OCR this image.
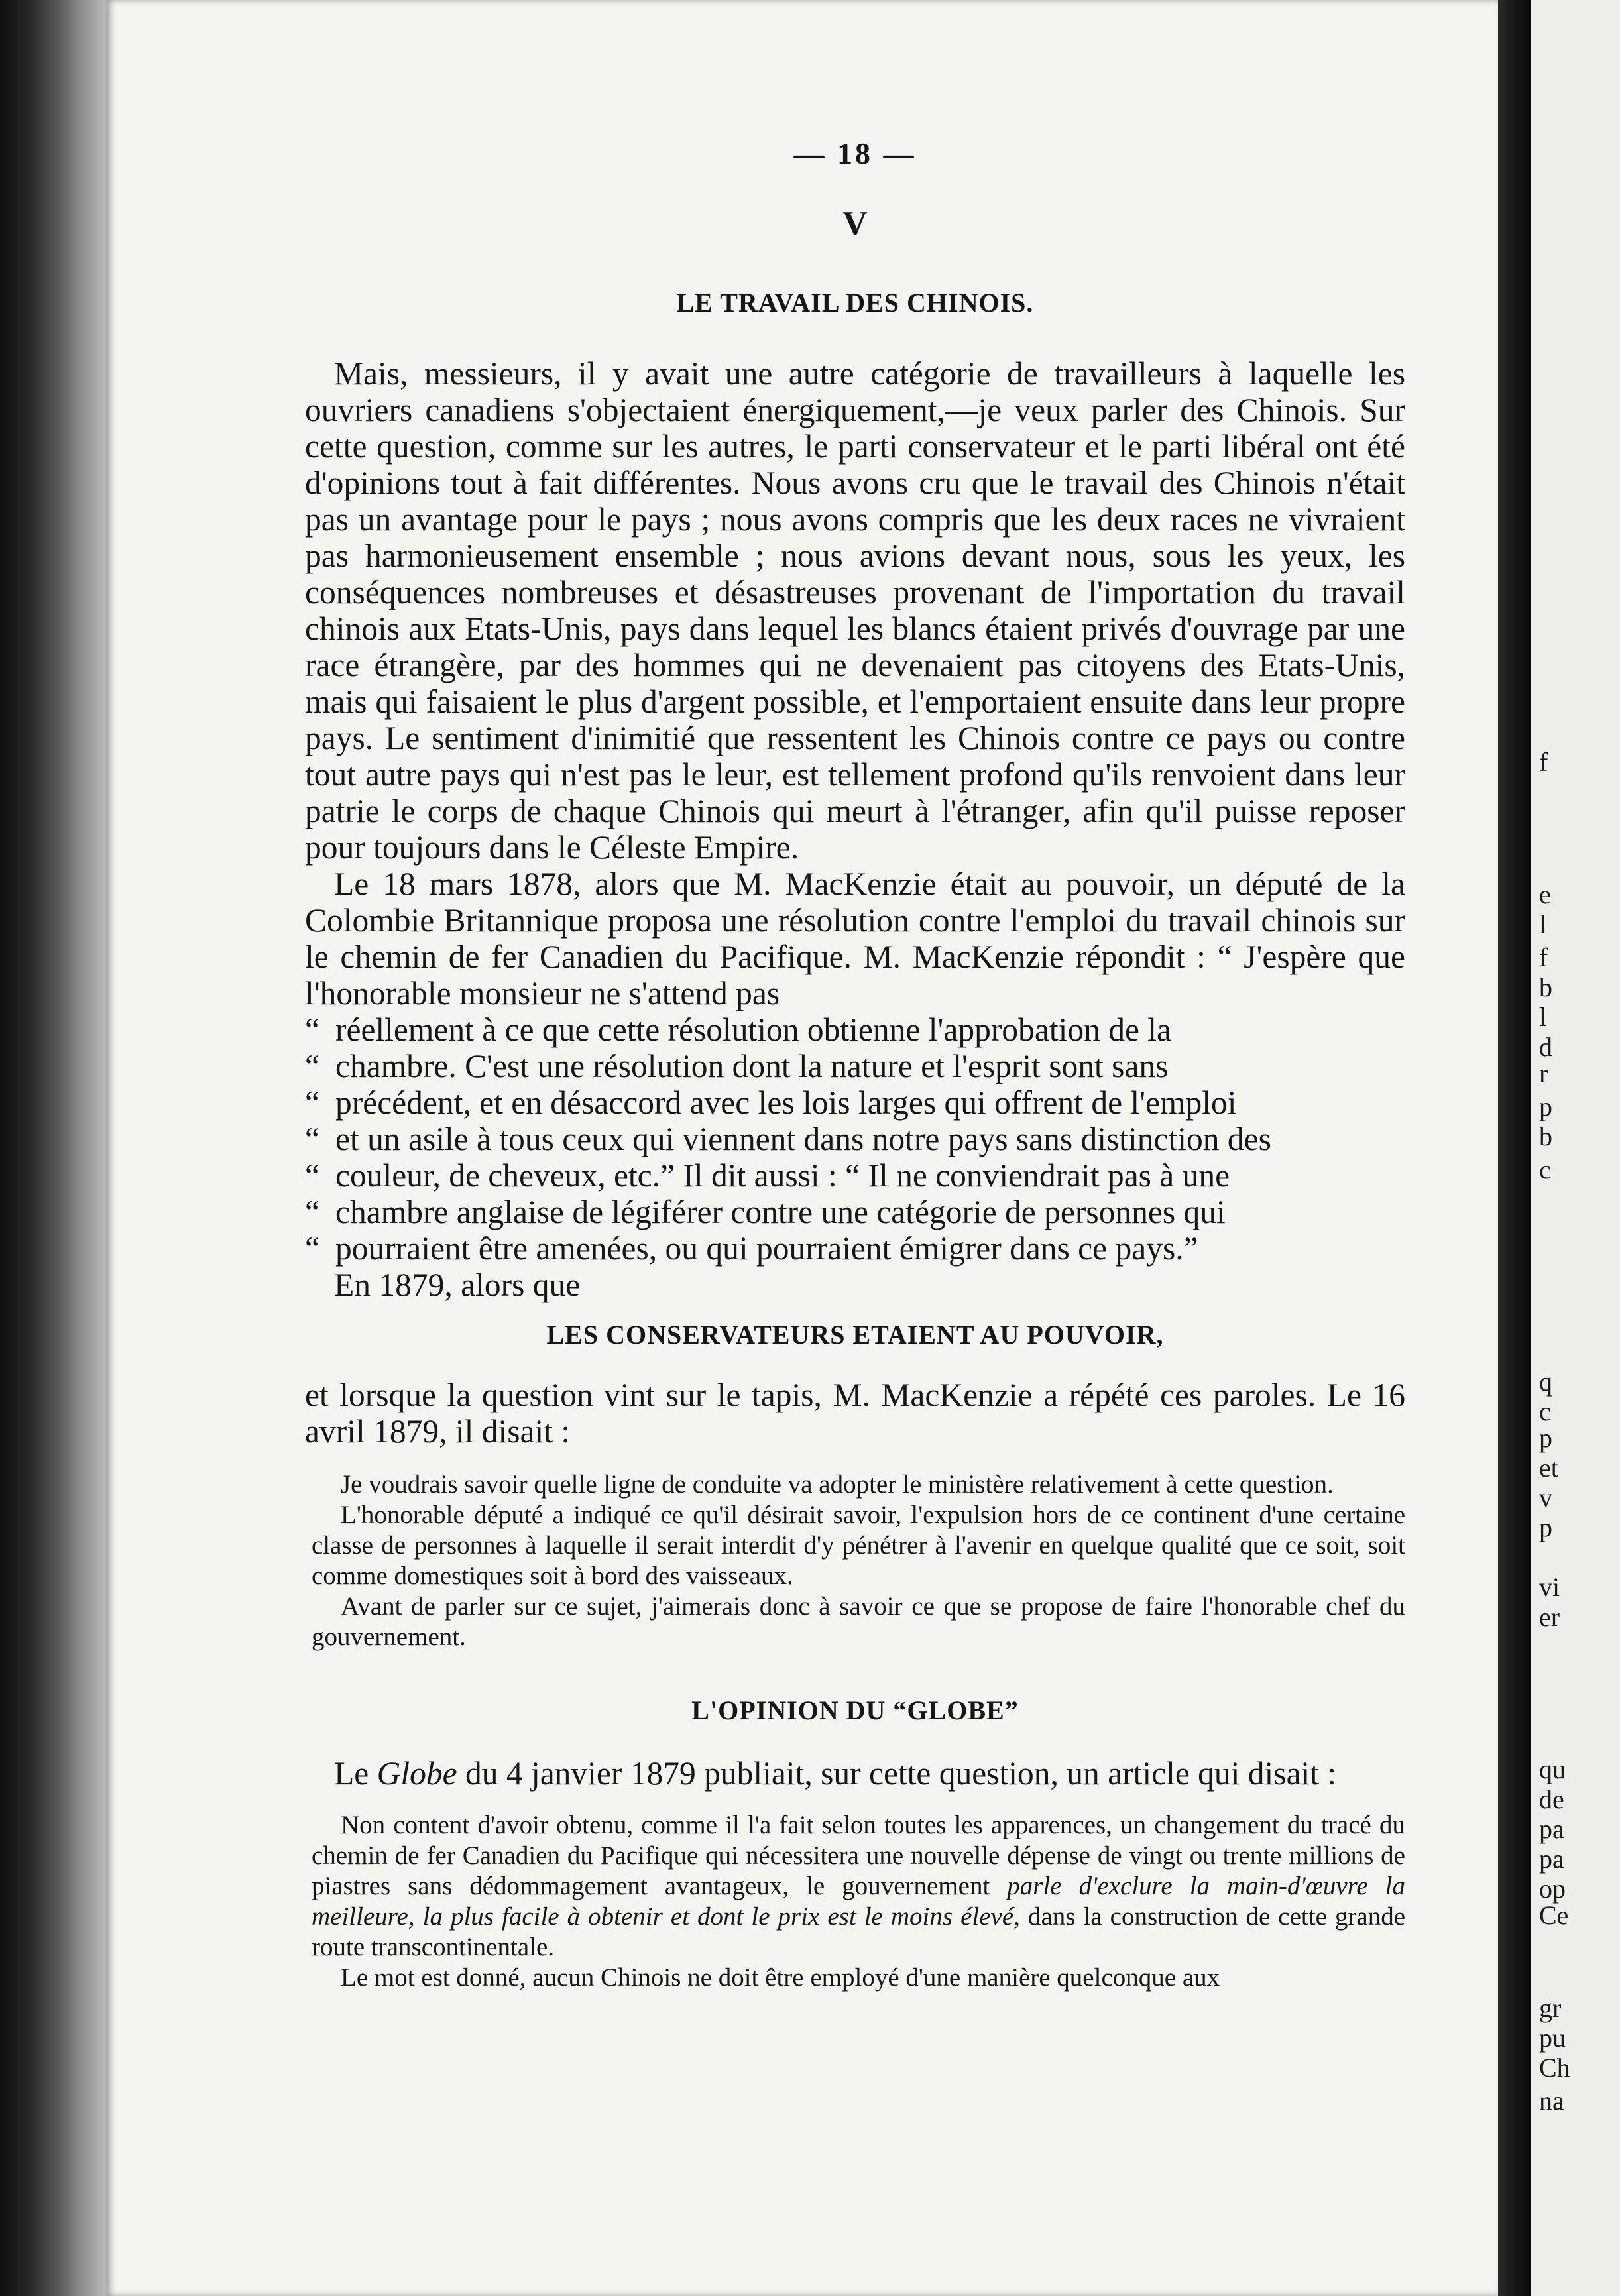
f
e
l
f
b
l
d
r
p
b
c
q
c
p
et
v
p
vi
er
qu
de
pa
pa
op
Ce
gr
pu
Ch
na
— 18 —
V
LE TRAVAIL DES CHINOIS.

Mais, messieurs, il y avait une autre catégorie de travailleurs à laquelle les ouvriers canadiens s'objectaient énergiquement,—je veux parler des Chinois. Sur cette question, comme sur les autres, le parti conservateur et le parti libéral ont été d'opinions tout à fait différentes. Nous avons cru que le travail des Chinois n'était pas un avantage pour le pays ; nous avons compris que les deux races ne vivraient pas harmonieusement ensemble ; nous avions devant nous, sous les yeux, les conséquences nombreuses et désastreuses provenant de l'importation du travail chinois aux Etats-Unis, pays dans lequel les blancs étaient privés d'ouvrage par une race étrangère, par des hommes qui ne devenaient pas citoyens des Etats-Unis, mais qui faisaient le plus d'argent possible, et l'emportaient ensuite dans leur propre pays. Le sentiment d'inimitié que ressentent les Chinois contre ce pays ou contre tout autre pays qui n'est pas le leur, est tellement profond qu'ils renvoient dans leur patrie le corps de chaque Chinois qui meurt à l'étranger, afin qu'il puisse reposer pour toujours dans le Céleste Empire.

Le 18 mars 1878, alors que M. MacKenzie était au pouvoir, un député de la Colombie Britannique proposa une résolution contre l'emploi du travail chinois sur le chemin de fer Canadien du Pacifique. M. MacKenzie répondit : “ J'espère que l'honorable monsieur ne s'attend pas

“ réellement à ce que cette résolution obtienne l'approbation de la
“ chambre. C'est une résolution dont la nature et l'esprit sont sans
“ précédent, et en désaccord avec les lois larges qui offrent de l'emploi
“ et un asile à tous ceux qui viennent dans notre pays sans distinction des
“ couleur, de cheveux, etc.” Il dit aussi : “ Il ne conviendrait pas à une
“ chambre anglaise de légiférer contre une catégorie de personnes qui
“ pourraient être amenées, ou qui pourraient émigrer dans ce pays.”

En 1879, alors que

LES CONSERVATEURS ETAIENT AU POUVOIR,

et lorsque la question vint sur le tapis, M. MacKenzie a répété ces paroles. Le 16 avril 1879, il disait :

Je voudrais savoir quelle ligne de conduite va adopter le ministère relativement à cette question.

L'honorable député a indiqué ce qu'il désirait savoir, l'expulsion hors de ce continent d'une certaine classe de personnes à laquelle il serait interdit d'y pénétrer à l'avenir en quelque qualité que ce soit, soit comme domestiques soit à bord des vaisseaux.

Avant de parler sur ce sujet, j'aimerais donc à savoir ce que se propose de faire l'honorable chef du gouvernement.

L'OPINION DU “GLOBE”

Le Globe du 4 janvier 1879 publiait, sur cette question, un article qui disait :

Non content d'avoir obtenu, comme il l'a fait selon toutes les apparences, un changement du tracé du chemin de fer Canadien du Pacifique qui nécessitera une nouvelle dépense de vingt ou trente millions de piastres sans dédommagement avantageux, le gouvernement parle d'exclure la main-d'œuvre la meilleure, la plus facile à obtenir et dont le prix est le moins élevé, dans la construction de cette grande route transcontinentale.

Le mot est donné, aucun Chinois ne doit être employé d'une manière quelconque aux
